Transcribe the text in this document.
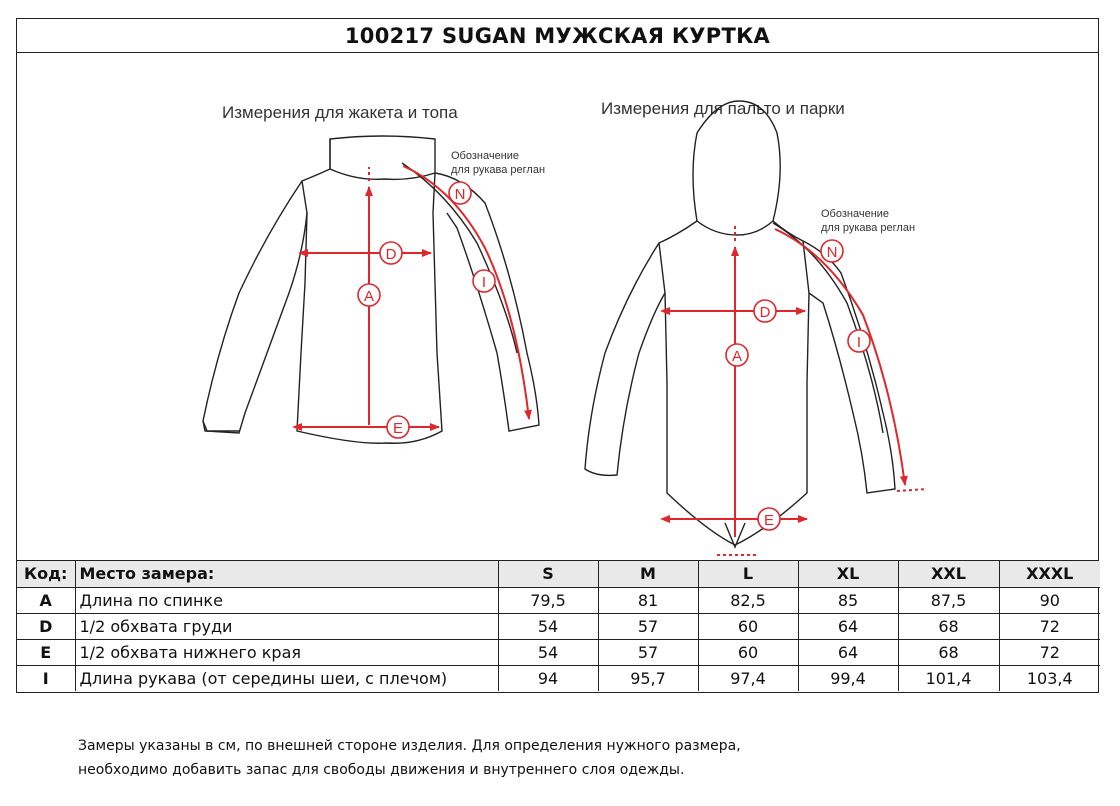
100217 SUGAN МУЖСКАЯ КУРТКА
Измерения для жакета и топа	Измерения для пальто и парки
A
D
E
N
I
Обозначение
для рукава реглан
A
D
E
N
I
Обозначение
для рукава реглан
Код:	Место замера:	S	M	L	XL	XXL	XXXL
A	Длина по спинке	79,5	81	82,5	85	87,5	90
D	1/2 обхвата груди	54	57	60	64	68	72
E	1/2 обхвата нижнего края	54	57	60	64	68	72
I	Длина рукава (от середины шеи, с плечом)	94	95,7	97,4	99,4	101,4	103,4
Замеры указаны в см, по внешней стороне изделия. Для определения нужного размера,
необходимо добавить запас для свободы движения и внутреннего слоя одежды.
